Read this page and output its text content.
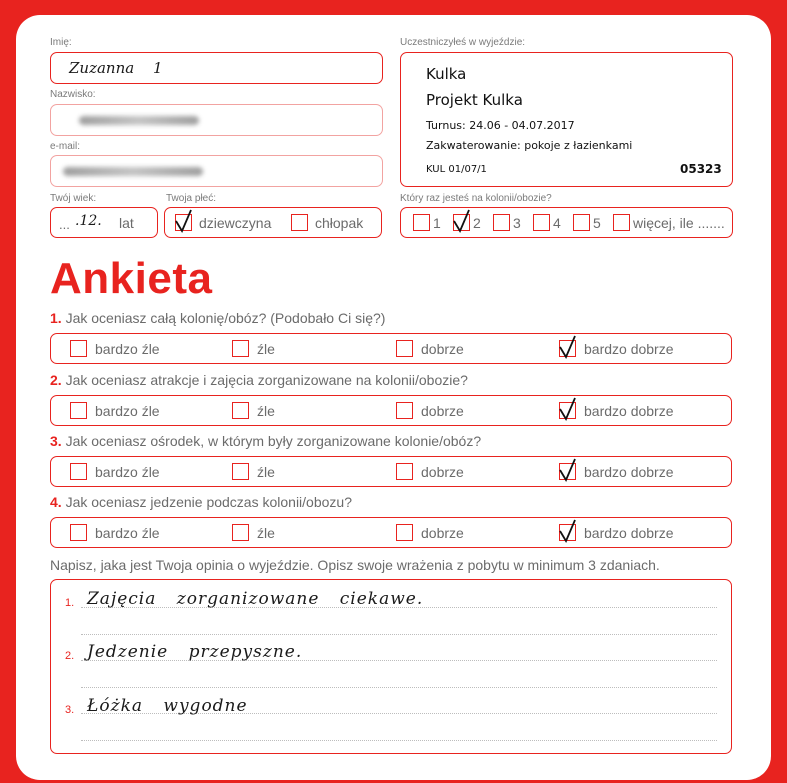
Imię:
Zuzanna 1
Nazwisko:
e-mail:
Twój wiek:
... .12. lat
Twoja płeć:
dziewczyna	chłopak
Uczestniczyłeś w wyjeździe:
Kulka
Projekt Kulka
Turnus: 24.06 - 04.07.2017
Zakwaterowanie: pokoje z łazienkami
KUL 01/07/1	05323
Który raz jesteś na kolonii/obozie?
1 2 3 4 5 więcej, ile .......
Ankieta
1. Jak oceniasz całą kolonię/obóz? (Podobało Ci się?)
bardzo źle	źle	dobrze	bardzo dobrze
2. Jak oceniasz atrakcje i zajęcia zorganizowane na kolonii/obozie?
bardzo źle	źle	dobrze	bardzo dobrze
3. Jak oceniasz ośrodek, w którym były zorganizowane kolonie/obóz?
bardzo źle	źle	dobrze	bardzo dobrze
4. Jak oceniasz jedzenie podczas kolonii/obozu?
bardzo źle	źle	dobrze	bardzo dobrze
Napisz, jaka jest Twoja opinia o wyjeździe. Opisz swoje wrażenia z pobytu w minimum 3 zdaniach.
1. Zajęcia zorganizowane ciekawe.
2. Jedzenie przepyszne.
3. Łóżka wygodne
